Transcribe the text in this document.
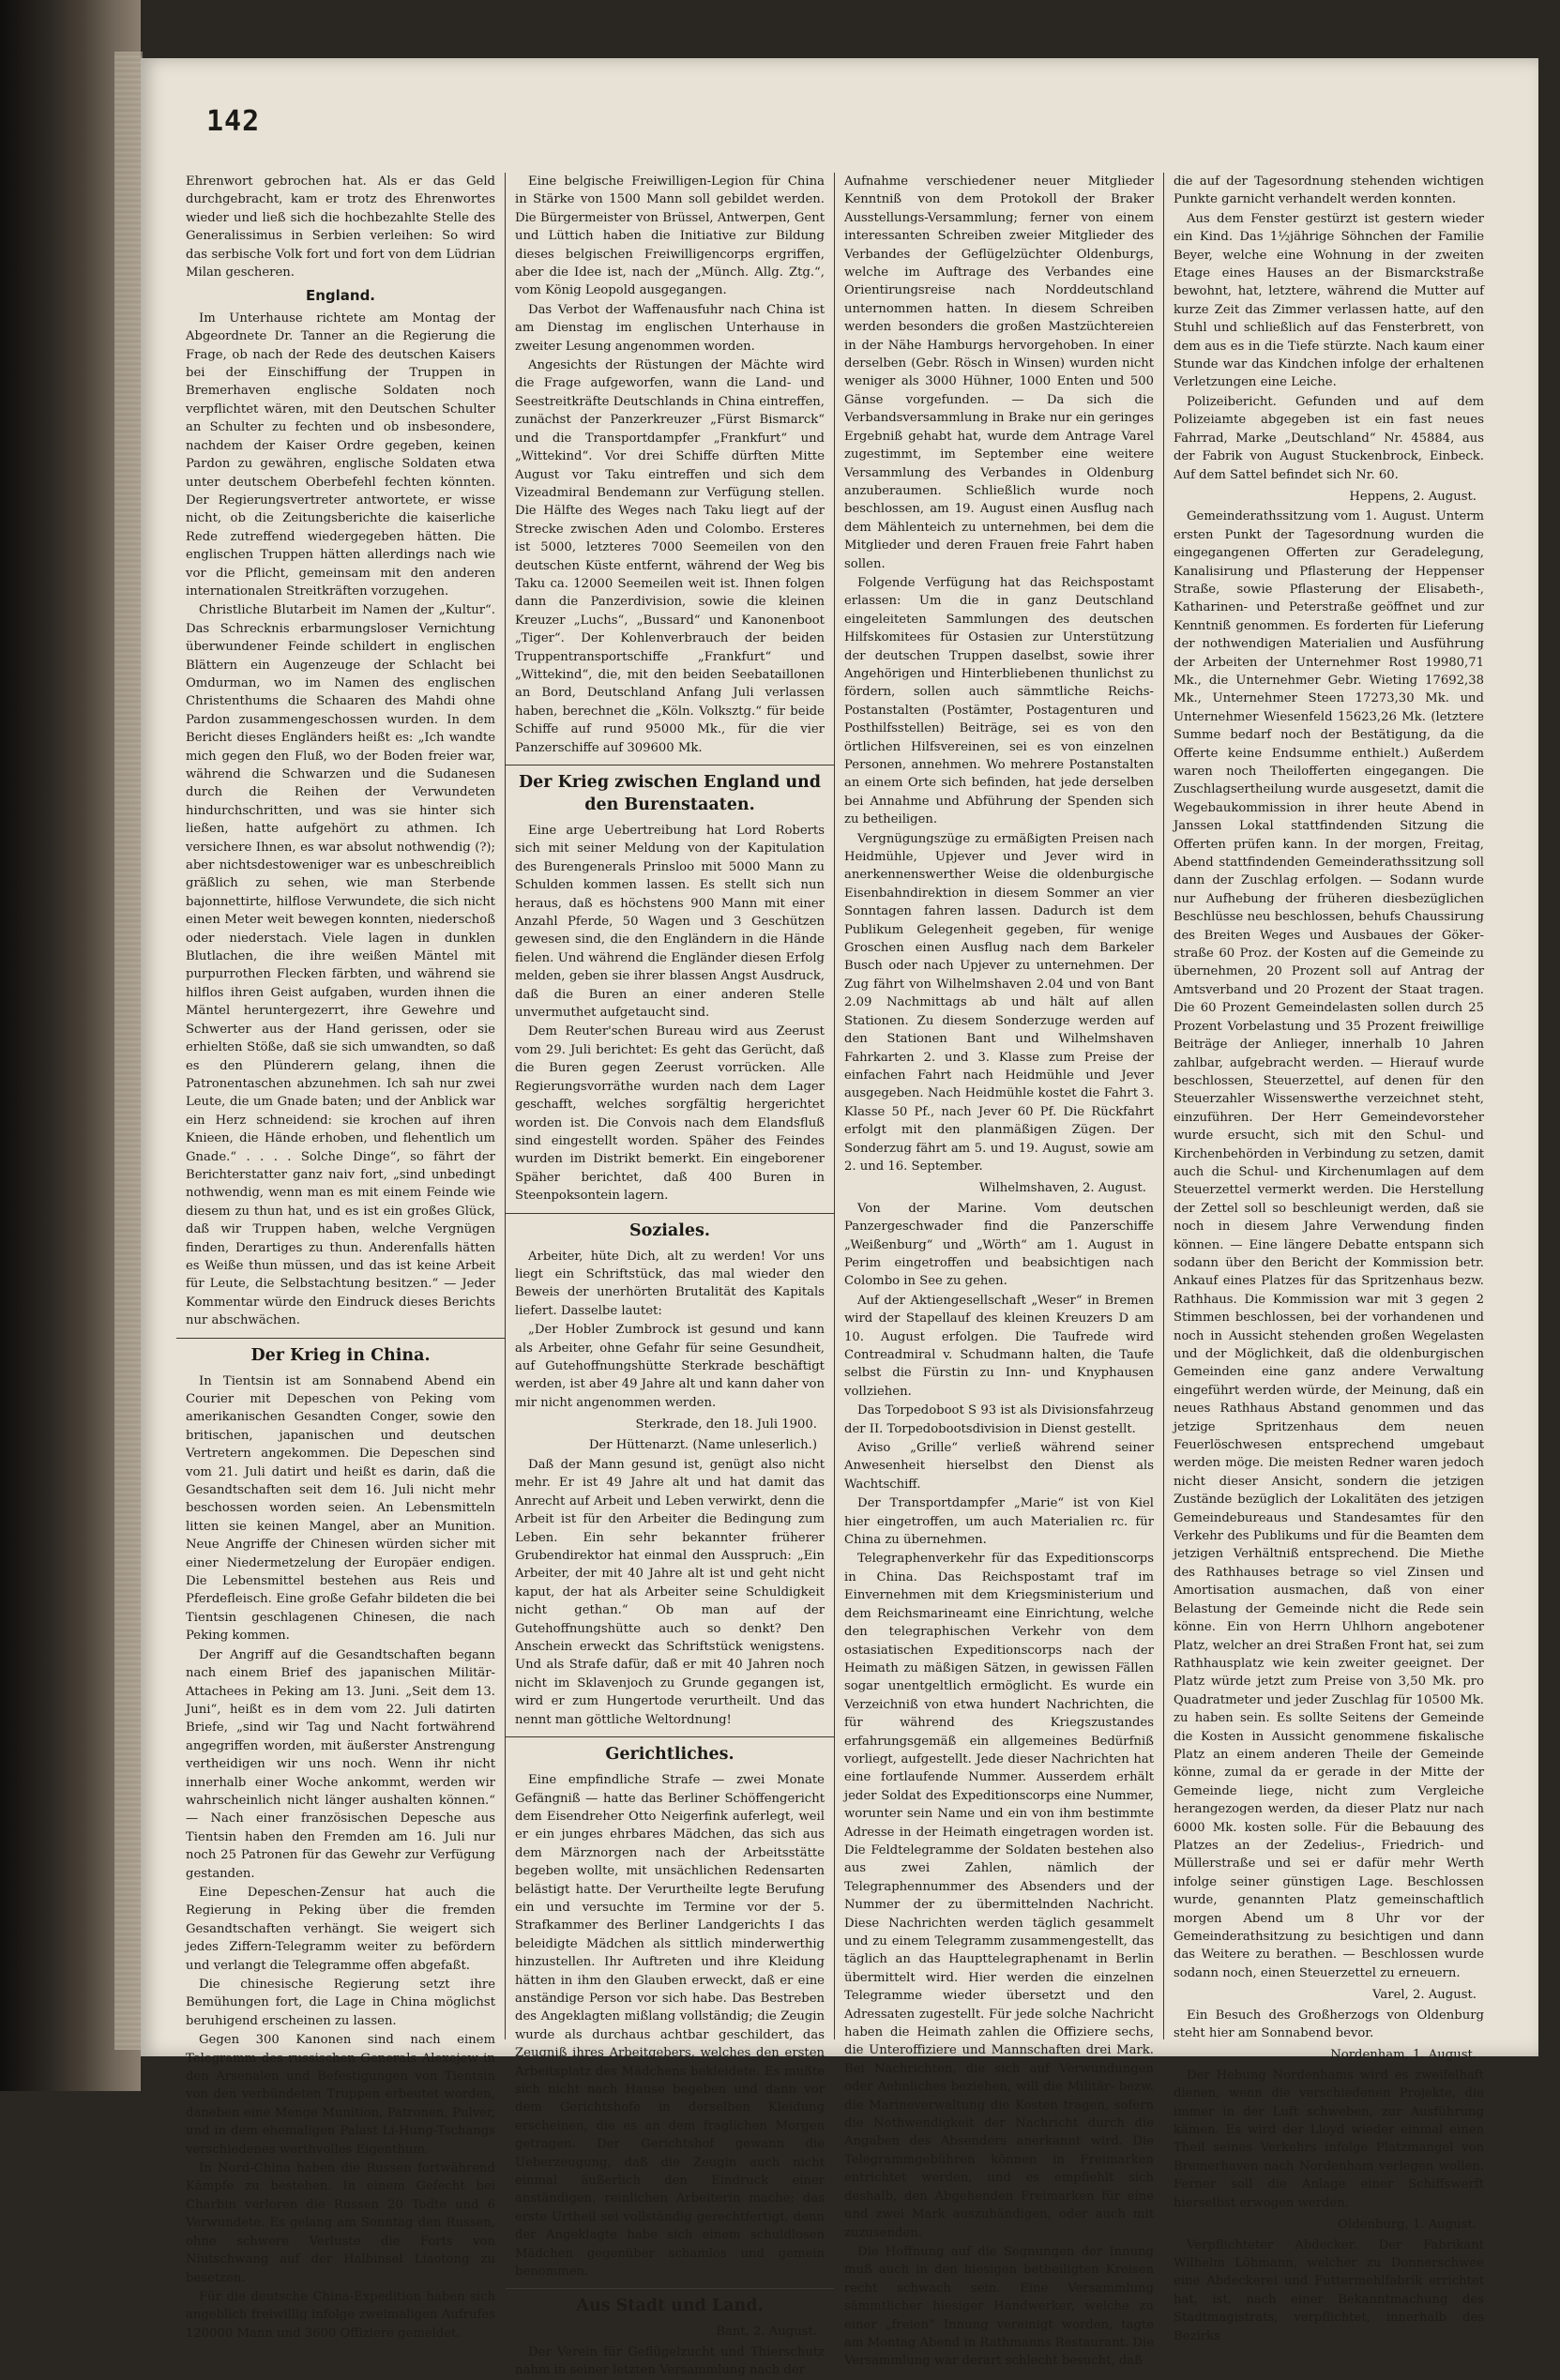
142

Ehrenwort gebrochen hat. Als er das Geld durchgebracht, kam er trotz des Ehrenwortes wieder und ließ sich die hochbezahlte Stelle des Generalissimus in Serbien verleihen: So wird das serbische Volk fort und fort von dem Lüdrian Milan gescheren.

England.

Im Unterhause richtete am Montag der Abgeordnete Dr. Tanner an die Regierung die Frage, ob nach der Rede des deutschen Kaisers bei der Einschiffung der Truppen in Bremerhaven englische Soldaten noch verpflichtet wären, mit den Deutschen Schulter an Schulter zu fechten und ob insbesondere, nachdem der Kaiser Ordre gegeben, keinen Pardon zu gewähren, englische Soldaten etwa unter deutschem Oberbefehl fechten könnten. Der Regierungsvertreter antwortete, er wisse nicht, ob die Zeitungsberichte die kaiserliche Rede zutreffend wiedergegeben hätten. Die englischen Truppen hätten allerdings nach wie vor die Pflicht, gemeinsam mit den anderen internationalen Streitkräften vorzugehen.

Christliche Blutarbeit im Namen der „Kultur“. Das Schrecknis erbarmungsloser Vernichtung überwundener Feinde schildert in englischen Blättern ein Augenzeuge der Schlacht bei Omdurman, wo im Namen des englischen Christenthums die Schaaren des Mahdi ohne Pardon zusammengeschossen wurden. In dem Bericht dieses Engländers heißt es: „Ich wandte mich gegen den Fluß, wo der Boden freier war, während die Schwarzen und die Sudanesen durch die Reihen der Verwundeten hindurchschritten, und was sie hinter sich ließen, hatte aufgehört zu athmen. Ich versichere Ihnen, es war absolut nothwendig (?); aber nichtsdestoweniger war es unbeschreiblich gräßlich zu sehen, wie man Sterbende bajonnettirte, hilflose Verwundete, die sich nicht einen Meter weit bewegen konnten, niederschoß oder niederstach. Viele lagen in dunklen Blutlachen, die ihre weißen Mäntel mit purpurrothen Flecken färbten, und während sie hilflos ihren Geist aufgaben, wurden ihnen die Mäntel heruntergezerrt, ihre Gewehre und Schwerter aus der Hand gerissen, oder sie erhielten Stöße, daß sie sich umwandten, so daß es den Plünderern gelang, ihnen die Patronentaschen abzunehmen. Ich sah nur zwei Leute, die um Gnade baten; und der Anblick war ein Herz schneidend: sie krochen auf ihren Knieen, die Hände erhoben, und flehentlich um Gnade.“ . . . . Solche Dinge“, so fährt der Berichterstatter ganz naiv fort, „sind unbedingt nothwendig, wenn man es mit einem Feinde wie diesem zu thun hat, und es ist ein großes Glück, daß wir Truppen haben, welche Vergnügen finden, Derartiges zu thun. Anderenfalls hätten es Weiße thun müssen, und das ist keine Arbeit für Leute, die Selbstachtung besitzen.“ — Jeder Kommentar würde den Eindruck dieses Berichts nur abschwächen.

Der Krieg in China.

In Tientsin ist am Sonnabend Abend ein Courier mit Depeschen von Peking vom amerikanischen Gesandten Conger, sowie den britischen, japanischen und deutschen Vertretern angekommen. Die Depeschen sind vom 21. Juli datirt und heißt es darin, daß die Gesandtschaften seit dem 16. Juli nicht mehr beschossen worden seien. An Lebensmitteln litten sie keinen Mangel, aber an Munition. Neue Angriffe der Chinesen würden sicher mit einer Niedermetzelung der Europäer endigen. Die Lebensmittel bestehen aus Reis und Pferdefleisch. Eine große Gefahr bildeten die bei Tientsin geschlagenen Chinesen, die nach Peking kommen.

Der Angriff auf die Gesandtschaften begann nach einem Brief des japanischen Militär-Attachees in Peking am 13. Juni. „Seit dem 13. Juni“, heißt es in dem vom 22. Juli datirten Briefe, „sind wir Tag und Nacht fortwährend angegriffen worden, mit äußerster Anstrengung vertheidigen wir uns noch. Wenn ihr nicht innerhalb einer Woche ankommt, werden wir wahrscheinlich nicht länger aushalten können.“ — Nach einer französischen Depesche aus Tientsin haben den Fremden am 16. Juli nur noch 25 Patronen für das Gewehr zur Verfügung gestanden.

Eine Depeschen-Zensur hat auch die Regierung in Peking über die fremden Gesandtschaften verhängt. Sie weigert sich jedes Ziffern-Telegramm weiter zu befördern und verlangt die Telegramme offen abgefaßt.

Die chinesische Regierung setzt ihre Bemühungen fort, die Lage in China möglichst beruhigend erscheinen zu lassen.

Gegen 300 Kanonen sind nach einem Telegramm des russischen Generals Alexejew in den Arsenalen und Befestigungen von Tientsin von den verbündeten Truppen erbeutet worden, daneben eine Menge Munition, Patronen, Pulver, und in dem ehemaligen Palast Li-Hung-Tschangs verschiedenes werthvolles Eigenthum.

In Nord-China haben die Russen fortwährend Kämpfe zu bestehen. In einem Gefecht bei Charbin verloren die Russen 20 Todte und 6 Verwundete. Es gelang am Sonntag den Russen, ohne schwere Verluste die Forts von Niutschwang auf der Halbinsel Liaotong zu besetzen.

Für die deutsche China-Expedition haben sich angeblich freiwillig infolge zweimaligen Aufrufes 120000 Mann und 3600 Offiziere gemeldet.

Eine belgische Freiwilligen-Legion für China in Stärke von 1500 Mann soll gebildet werden. Die Bürgermeister von Brüssel, Antwerpen, Gent und Lüttich haben die Initiative zur Bildung dieses belgischen Freiwilligencorps ergriffen, aber die Idee ist, nach der „Münch. Allg. Ztg.“, vom König Leopold ausgegangen.

Das Verbot der Waffenausfuhr nach China ist am Dienstag im englischen Unterhause in zweiter Lesung angenommen worden.

Angesichts der Rüstungen der Mächte wird die Frage aufgeworfen, wann die Land- und Seestreitkräfte Deutschlands in China eintreffen, zunächst der Panzerkreuzer „Fürst Bismarck“ und die Transportdampfer „Frankfurt“ und „Wittekind“. Vor drei Schiffe dürften Mitte August vor Taku eintreffen und sich dem Vizeadmiral Bendemann zur Verfügung stellen. Die Hälfte des Weges nach Taku liegt auf der Strecke zwischen Aden und Colombo. Ersteres ist 5000, letzteres 7000 Seemeilen von den deutschen Küste entfernt, während der Weg bis Taku ca. 12000 Seemeilen weit ist. Ihnen folgen dann die Panzerdivision, sowie die kleinen Kreuzer „Luchs“, „Bussard“ und Kanonenboot „Tiger“. Der Kohlenverbrauch der beiden Truppentransportschiffe „Frankfurt“ und „Wittekind“, die, mit den beiden Seebataillonen an Bord, Deutschland Anfang Juli verlassen haben, berechnet die „Köln. Volksztg.“ für beide Schiffe auf rund 95000 Mk., für die vier Panzerschiffe auf 309600 Mk.

Der Krieg zwischen England und den Burenstaaten.

Eine arge Uebertreibung hat Lord Roberts sich mit seiner Meldung von der Kapitulation des Burengenerals Prinsloo mit 5000 Mann zu Schulden kommen lassen. Es stellt sich nun heraus, daß es höchstens 900 Mann mit einer Anzahl Pferde, 50 Wagen und 3 Geschützen gewesen sind, die den Engländern in die Hände fielen. Und während die Engländer diesen Erfolg melden, geben sie ihrer blassen Angst Ausdruck, daß die Buren an einer anderen Stelle unvermuthet aufgetaucht sind.

Dem Reuter'schen Bureau wird aus Zeerust vom 29. Juli berichtet: Es geht das Gerücht, daß die Buren gegen Zeerust vorrücken. Alle Regierungsvorräthe wurden nach dem Lager geschafft, welches sorgfältig hergerichtet worden ist. Die Convois nach dem Elandsfluß sind eingestellt worden. Späher des Feindes wurden im Distrikt bemerkt. Ein eingeborener Späher berichtet, daß 400 Buren in Steenpoksontein lagern.

Soziales.

Arbeiter, hüte Dich, alt zu werden! Vor uns liegt ein Schriftstück, das mal wieder den Beweis der unerhörten Brutalität des Kapitals liefert. Dasselbe lautet:

„Der Hobler Zumbrock ist gesund und kann als Arbeiter, ohne Gefahr für seine Gesundheit, auf Gutehoffnungshütte Sterkrade beschäftigt werden, ist aber 49 Jahre alt und kann daher von mir nicht angenommen werden.

Sterkrade, den 18. Juli 1900.
Der Hüttenarzt. (Name unleserlich.)

Daß der Mann gesund ist, genügt also nicht mehr. Er ist 49 Jahre alt und hat damit das Anrecht auf Arbeit und Leben verwirkt, denn die Arbeit ist für den Arbeiter die Bedingung zum Leben. Ein sehr bekannter früherer Grubendirektor hat einmal den Ausspruch: „Ein Arbeiter, der mit 40 Jahre alt ist und geht nicht kaput, der hat als Arbeiter seine Schuldigkeit nicht gethan.“ Ob man auf der Gutehoffnungshütte auch so denkt? Den Anschein erweckt das Schriftstück wenigstens. Und als Strafe dafür, daß er mit 40 Jahren noch nicht im Sklavenjoch zu Grunde gegangen ist, wird er zum Hungertode verurtheilt. Und das nennt man göttliche Weltordnung!

Gerichtliches.

Eine empfindliche Strafe — zwei Monate Gefängniß — hatte das Berliner Schöffengericht dem Eisendreher Otto Neigerfink auferlegt, weil er ein junges ehrbares Mädchen, das sich aus dem Märznorgen nach der Arbeitsstätte begeben wollte, mit unsächlichen Redensarten belästigt hatte. Der Verurtheilte legte Berufung ein und versuchte im Termine vor der 5. Strafkammer des Berliner Landgerichts I das beleidigte Mädchen als sittlich minderwerthig hinzustellen. Ihr Auftreten und ihre Kleidung hätten in ihm den Glauben erweckt, daß er eine anständige Person vor sich habe. Das Bestreben des Angeklagten mißlang vollständig; die Zeugin wurde als durchaus achtbar geschildert, das Zeugniß ihres Arbeitgebers, welches den ersten Arbeitsplatz des Mädchens bekleidete. Es mußte sich nicht nach Hause begeben und dann vor dem Gerichtshofe in derselben Kleidung erscheinen, die es an dem fraglichen Morgen getragen. Der Gerichtshof gewann die Ueberzeugung, daß die Zeugin auch nicht einmal äußerlich den Eindruck einer anständigen, reinlichen Arbeiterin mache; das erste Urtheil sei vollständig gerechtfertigt, denn der Angeklagte habe sich einem schuldlosen Mädchen gegenüber schamlos und gemein benommen.

Aus Stadt und Land.
Bant, 2. August.

Der Verein für Geflügelzucht und Thierschutz nahm in seiner letzten Versammlung nach der

Aufnahme verschiedener neuer Mitglieder Kenntniß von dem Protokoll der Braker Ausstellungs-Versammlung; ferner von einem interessanten Schreiben zweier Mitglieder des Verbandes der Geflügelzüchter Oldenburgs, welche im Auftrage des Verbandes eine Orientirungsreise nach Norddeutschland unternommen hatten. In diesem Schreiben werden besonders die großen Mastzüchtereien in der Nähe Hamburgs hervorgehoben. In einer derselben (Gebr. Rösch in Winsen) wurden nicht weniger als 3000 Hühner, 1000 Enten und 500 Gänse vorgefunden. — Da sich die Verbandsversammlung in Brake nur ein geringes Ergebniß gehabt hat, wurde dem Antrage Varel zugestimmt, im September eine weitere Versammlung des Verbandes in Oldenburg anzuberaumen. Schließlich wurde noch beschlossen, am 19. August einen Ausflug nach dem Mählenteich zu unternehmen, bei dem die Mitglieder und deren Frauen freie Fahrt haben sollen.

Folgende Verfügung hat das Reichspostamt erlassen: Um die in ganz Deutschland eingeleiteten Sammlungen des deutschen Hilfskomitees für Ostasien zur Unterstützung der deutschen Truppen daselbst, sowie ihrer Angehörigen und Hinterbliebenen thunlichst zu fördern, sollen auch sämmtliche Reichs-Postanstalten (Postämter, Postagenturen und Posthilfsstellen) Beiträge, sei es von den örtlichen Hilfsvereinen, sei es von einzelnen Personen, annehmen. Wo mehrere Postanstalten an einem Orte sich befinden, hat jede derselben bei Annahme und Abführung der Spenden sich zu betheiligen.

Vergnügungszüge zu ermäßigten Preisen nach Heidmühle, Upjever und Jever wird in anerkennenswerther Weise die oldenburgische Eisenbahndirektion in diesem Sommer an vier Sonntagen fahren lassen. Dadurch ist dem Publikum Gelegenheit gegeben, für wenige Groschen einen Ausflug nach dem Barkeler Busch oder nach Upjever zu unternehmen. Der Zug fährt von Wilhelmshaven 2.04 und von Bant 2.09 Nachmittags ab und hält auf allen Stationen. Zu diesem Sonderzuge werden auf den Stationen Bant und Wilhelmshaven Fahrkarten 2. und 3. Klasse zum Preise der einfachen Fahrt nach Heidmühle und Jever ausgegeben. Nach Heidmühle kostet die Fahrt 3. Klasse 50 Pf., nach Jever 60 Pf. Die Rückfahrt erfolgt mit den planmäßigen Zügen. Der Sonderzug fährt am 5. und 19. August, sowie am 2. und 16. September.

Wilhelmshaven, 2. August.

Von der Marine. Vom deutschen Panzergeschwader find die Panzerschiffe „Weißenburg“ und „Wörth“ am 1. August in Perim eingetroffen und beabsichtigen nach Colombo in See zu gehen.

Auf der Aktiengesellschaft „Weser“ in Bremen wird der Stapellauf des kleinen Kreuzers D am 10. August erfolgen. Die Taufrede wird Contreadmiral v. Schudmann halten, die Taufe selbst die Fürstin zu Inn- und Knyphausen vollziehen.

Das Torpedoboot S 93 ist als Divisionsfahrzeug der II. Torpedobootsdivision in Dienst gestellt.

Aviso „Grille“ verließ während seiner Anwesenheit hierselbst den Dienst als Wachtschiff.

Der Transportdampfer „Marie“ ist von Kiel hier eingetroffen, um auch Materialien rc. für China zu übernehmen.

Telegraphenverkehr für das Expeditionscorps in China. Das Reichspostamt traf im Einvernehmen mit dem Kriegsministerium und dem Reichsmarineamt eine Einrichtung, welche den telegraphischen Verkehr von dem ostasiatischen Expeditionscorps nach der Heimath zu mäßigen Sätzen, in gewissen Fällen sogar unentgeltlich ermöglicht. Es wurde ein Verzeichniß von etwa hundert Nachrichten, die für während des Kriegszustandes erfahrungsgemäß ein allgemeines Bedürfniß vorliegt, aufgestellt. Jede dieser Nachrichten hat eine fortlaufende Nummer. Ausserdem erhält jeder Soldat des Expeditionscorps eine Nummer, worunter sein Name und ein von ihm bestimmte Adresse in der Heimath eingetragen worden ist. Die Feldtelegramme der Soldaten bestehen also aus zwei Zahlen, nämlich der Telegraphennummer des Absenders und der Nummer der zu übermittelnden Nachricht. Diese Nachrichten werden täglich gesammelt und zu einem Telegramm zusammengestellt, das täglich an das Haupttelegraphenamt in Berlin übermittelt wird. Hier werden die einzelnen Telegramme wieder übersetzt und den Adressaten zugestellt. Für jede solche Nachricht haben die Heimath zahlen die Offiziere sechs, die Unteroffiziere und Mannschaften drei Mark. Bei Nachrichten, die sich auf Verwundungen oder Aehnliches beziehen, will die Militär- bezw. die Marineverwaltung die Kosten tragen, sofern die Nothwendigkeit der Nachricht durch die Angaben des Absenders anerkannt wird. Die Telegrammgebühren können in Freimarken entrichtet werden, und es empfiehlt sich deshalb, den Abgehenden Freimarken für eine und zwei Mark auszuhändigen, oder auch mit zuzusenden.

Die Hoffnung auf die Segnungen der Innung muß auch in den hiesigen betheiligten Kreisen recht schwach sein. Eine Versammlung sämmtlicher hiesiger Handwerker, welche zu einer „freien“ Innung vereinigt worden, tagte am Montag Abend in Rathmanns Restaurant. Die Versammlung war derart schlecht besucht, daß

die auf der Tagesordnung stehenden wichtigen Punkte garnicht verhandelt werden konnten.

Aus dem Fenster gestürzt ist gestern wieder ein Kind. Das 1½jährige Söhnchen der Familie Beyer, welche eine Wohnung in der zweiten Etage eines Hauses an der Bismarckstraße bewohnt, hat, letztere, während die Mutter auf kurze Zeit das Zimmer verlassen hatte, auf den Stuhl und schließlich auf das Fensterbrett, von dem aus es in die Tiefe stürzte. Nach kaum einer Stunde war das Kindchen infolge der erhaltenen Verletzungen eine Leiche.

Polizeibericht. Gefunden und auf dem Polizeiamte abgegeben ist ein fast neues Fahrrad, Marke „Deutschland“ Nr. 45884, aus der Fabrik von August Stuckenbrock, Einbeck. Auf dem Sattel befindet sich Nr. 60.

Heppens, 2. August.

Gemeinderathssitzung vom 1. August. Unterm ersten Punkt der Tagesordnung wurden die eingegangenen Offerten zur Geradelegung, Kanalisirung und Pflasterung der Heppenser Straße, sowie Pflasterung der Elisabeth-, Katharinen- und Peterstraße geöffnet und zur Kenntniß genommen. Es forderten für Lieferung der nothwendigen Materialien und Ausführung der Arbeiten der Unternehmer Rost 19980,71 Mk., die Unternehmer Gebr. Wieting 17692,38 Mk., Unternehmer Steen 17273,30 Mk. und Unternehmer Wiesenfeld 15623,26 Mk. (letztere Summe bedarf noch der Bestätigung, da die Offerte keine Endsumme enthielt.) Außerdem waren noch Theilofferten eingegangen. Die Zuschlagsertheilung wurde ausgesetzt, damit die Wegebaukommission in ihrer heute Abend in Janssen Lokal stattfindenden Sitzung die Offerten prüfen kann. In der morgen, Freitag, Abend stattfindenden Gemeinderathssitzung soll dann der Zuschlag erfolgen. — Sodann wurde nur Aufhebung der früheren diesbezüglichen Beschlüsse neu beschlossen, behufs Chaussirung des Breiten Weges und Ausbaues der Göker-straße 60 Proz. der Kosten auf die Gemeinde zu übernehmen, 20 Prozent soll auf Antrag der Amtsverband und 20 Prozent der Staat tragen. Die 60 Prozent Gemeindelasten sollen durch 25 Prozent Vorbelastung und 35 Prozent freiwillige Beiträge der Anlieger, innerhalb 10 Jahren zahlbar, aufgebracht werden. — Hierauf wurde beschlossen, Steuerzettel, auf denen für den Steuerzahler Wissenswerthe verzeichnet steht, einzuführen. Der Herr Gemeindevorsteher wurde ersucht, sich mit den Schul- und Kirchenbehörden in Verbindung zu setzen, damit auch die Schul- und Kirchenumlagen auf dem Steuerzettel vermerkt werden. Die Herstellung der Zettel soll so beschleunigt werden, daß sie noch in diesem Jahre Verwendung finden können. — Eine längere Debatte entspann sich sodann über den Bericht der Kommission betr. Ankauf eines Platzes für das Spritzenhaus bezw. Rathhaus. Die Kommission war mit 3 gegen 2 Stimmen beschlossen, bei der vorhandenen und noch in Aussicht stehenden großen Wegelasten und der Möglichkeit, daß die oldenburgischen Gemeinden eine ganz andere Verwaltung eingeführt werden würde, der Meinung, daß ein neues Rathhaus Abstand genommen und das jetzige Spritzenhaus dem neuen Feuerlöschwesen entsprechend umgebaut werden möge. Die meisten Redner waren jedoch nicht dieser Ansicht, sondern die jetzigen Zustände bezüglich der Lokalitäten des jetzigen Gemeindebureaus und Standesamtes für den Verkehr des Publikums und für die Beamten dem jetzigen Verhältniß entsprechend. Die Miethe des Rathhauses betrage so viel Zinsen und Amortisation ausmachen, daß von einer Belastung der Gemeinde nicht die Rede sein könne. Ein von Herrn Uhlhorn angebotener Platz, welcher an drei Straßen Front hat, sei zum Rathhausplatz wie kein zweiter geeignet. Der Platz würde jetzt zum Preise von 3,50 Mk. pro Quadratmeter und jeder Zuschlag für 10500 Mk. zu haben sein. Es sollte Seitens der Gemeinde die Kosten in Aussicht genommene fiskalische Platz an einem anderen Theile der Gemeinde könne, zumal da er gerade in der Mitte der Gemeinde liege, nicht zum Vergleiche herangezogen werden, da dieser Platz nur nach 6000 Mk. kosten solle. Für die Bebauung des Platzes an der Zedelius-, Friedrich- und Müllerstraße und sei er dafür mehr Werth infolge seiner günstigen Lage. Beschlossen wurde, genannten Platz gemeinschaftlich morgen Abend um 8 Uhr vor der Gemeinderathsitzung zu besichtigen und dann das Weitere zu berathen. — Beschlossen wurde sodann noch, einen Steuerzettel zu erneuern.

Varel, 2. August.

Ein Besuch des Großherzogs von Oldenburg steht hier am Sonnabend bevor.

Nordenham, 1. August.

Der Hebung Nordenhams wird es zweifelhaft dienen, wenn die verschiedenen Projekte, die immer in der Luft schweben, zur Ausführung kämen. Es wird der Lloyd wieder einmal einen Theil seines Verkehrs infolge Platzmangel von Bremerhaven nach Nordenham verlegen wollen. Ferner soll die Anlage einer Schiffswerft hierselbst erwogen werden.

Oldenburg, 1. August.

Verpflichteter Abdecker. Der Fabrikant Wilhelm Löhmann, welcher zu Donnerschwee eine Abdeckerei und Futtermehlfabrik errichtet hat, ist, nach einer Bekanntmachung des Stadtmagistrats, verpflichtet, innerhalb des Bezirks
